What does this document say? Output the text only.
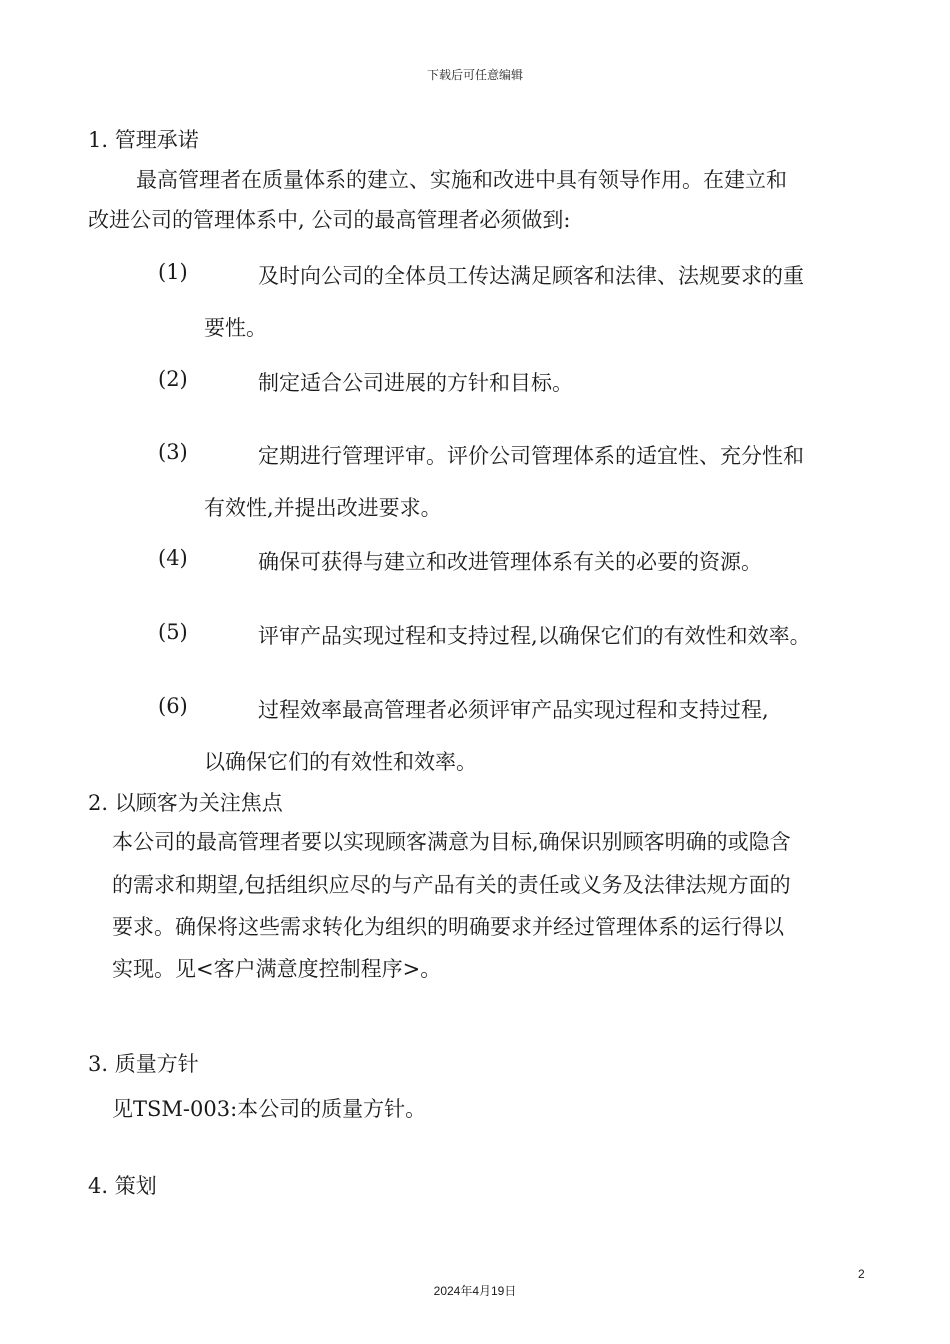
下载后可任意编辑
1. 管理承诺
最高管理者在质量体系的建立、实施和改进中具有领导作用。在建立和
改进公司的管理体系中, 公司的最高管理者必须做到:
(1)	及时向公司的全体员工传达满足顾客和法律、法规要求的重
要性。
(2)	制定适合公司进展的方针和目标。
(3)	定期进行管理评审。评价公司管理体系的适宜性、充分性和
有效性,并提出改进要求。
(4)	确保可获得与建立和改进管理体系有关的必要的资源。
(5)	评审产品实现过程和支持过程,以确保它们的有效性和效率。
(6)	过程效率最高管理者必须评审产品实现过程和支持过程,
以确保它们的有效性和效率。
2. 以顾客为关注焦点
本公司的最高管理者要以实现顾客满意为目标,确保识别顾客明确的或隐含
的需求和期望,包括组织应尽的与产品有关的责任或义务及法律法规方面的
要求。确保将这些需求转化为组织的明确要求并经过管理体系的运行得以
实现。见<客户满意度控制程序>。
3. 质量方针
见TSM-003:本公司的质量方针。
4. 策划
2
2024年4月19日
